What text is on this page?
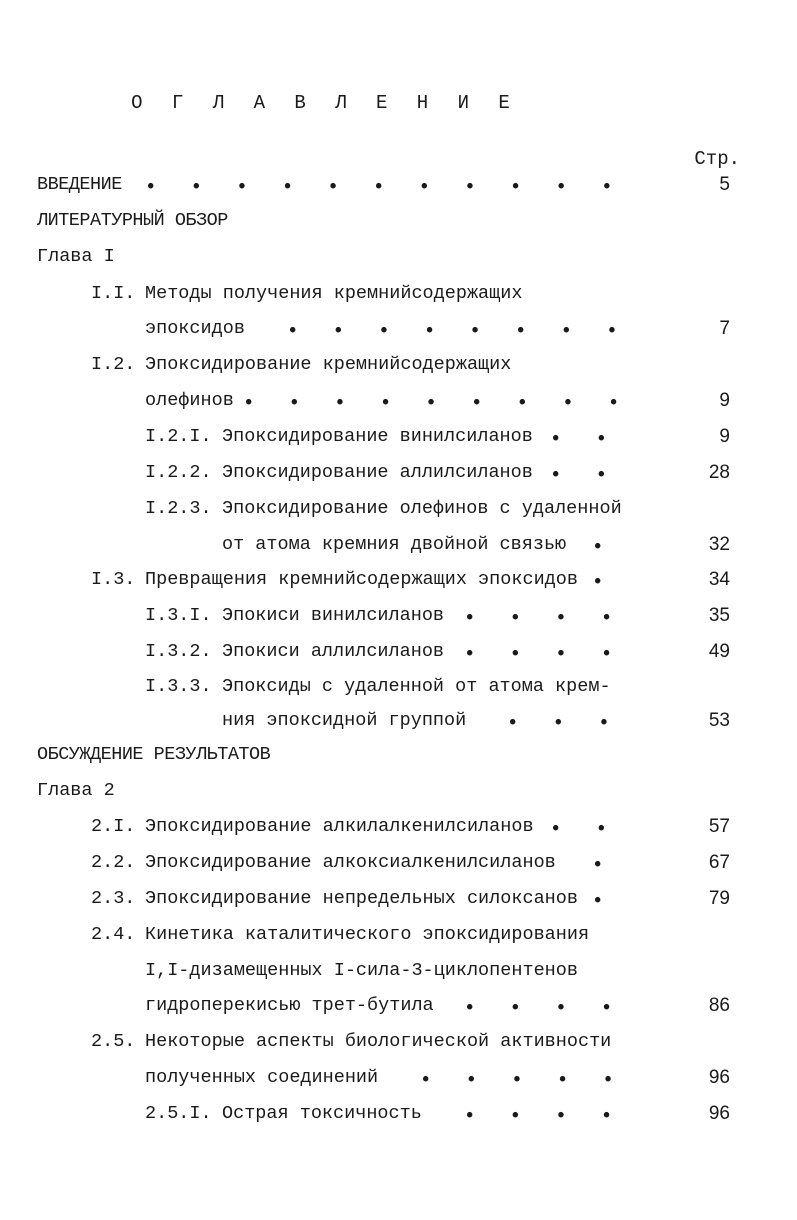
О Г Л А В Л Е Н И Е
Стр.
ВВЕДЕНИЕ •   •   •   •   •   •   •   •   •   •   •	5
ЛИТЕРАТУРНЫЙ ОБЗОР
Глава I
I.I. Методы получения кремнийсодержащих
эпоксидов •   •   •   •   •   •   •   •	7
I.2. Эпоксидирование кремнийсодержащих
олефинов •   •   •   •   •   •   •   •   •	9
I.2.I. Эпоксидирование винилсиланов •   •	9
I.2.2. Эпоксидирование аллилсиланов •   •	28
I.2.3. Эпоксидирование олефинов с удаленной
от атома кремния двойной связью •	32
I.3. Превращения кремнийсодержащих эпоксидов •	34
I.3.I. Эпокиси винилсиланов •   •   •   •	35
I.3.2. Эпокиси аллилсиланов •   •   •   •	49
I.3.3. Эпоксиды с удаленной от атома крем-
ния эпоксидной группой •   •   •	53
ОБСУЖДЕНИЕ РЕЗУЛЬТАТОВ
Глава 2
2.I. Эпоксидирование алкилалкенилсиланов •   •	57
2.2. Эпоксидирование алкоксиалкенилсиланов •	67
2.3. Эпоксидирование непредельных силоксанов •	79
2.4. Кинетика каталитического эпоксидирования
I,I-дизамещенных I-сила-3-циклопентенов
гидроперекисью трет-бутила •   •   •   •	86
2.5. Некоторые аспекты биологической активности
полученных соединений •   •   •   •   •	96
2.5.I. Острая токсичность •   •   •   •	96
